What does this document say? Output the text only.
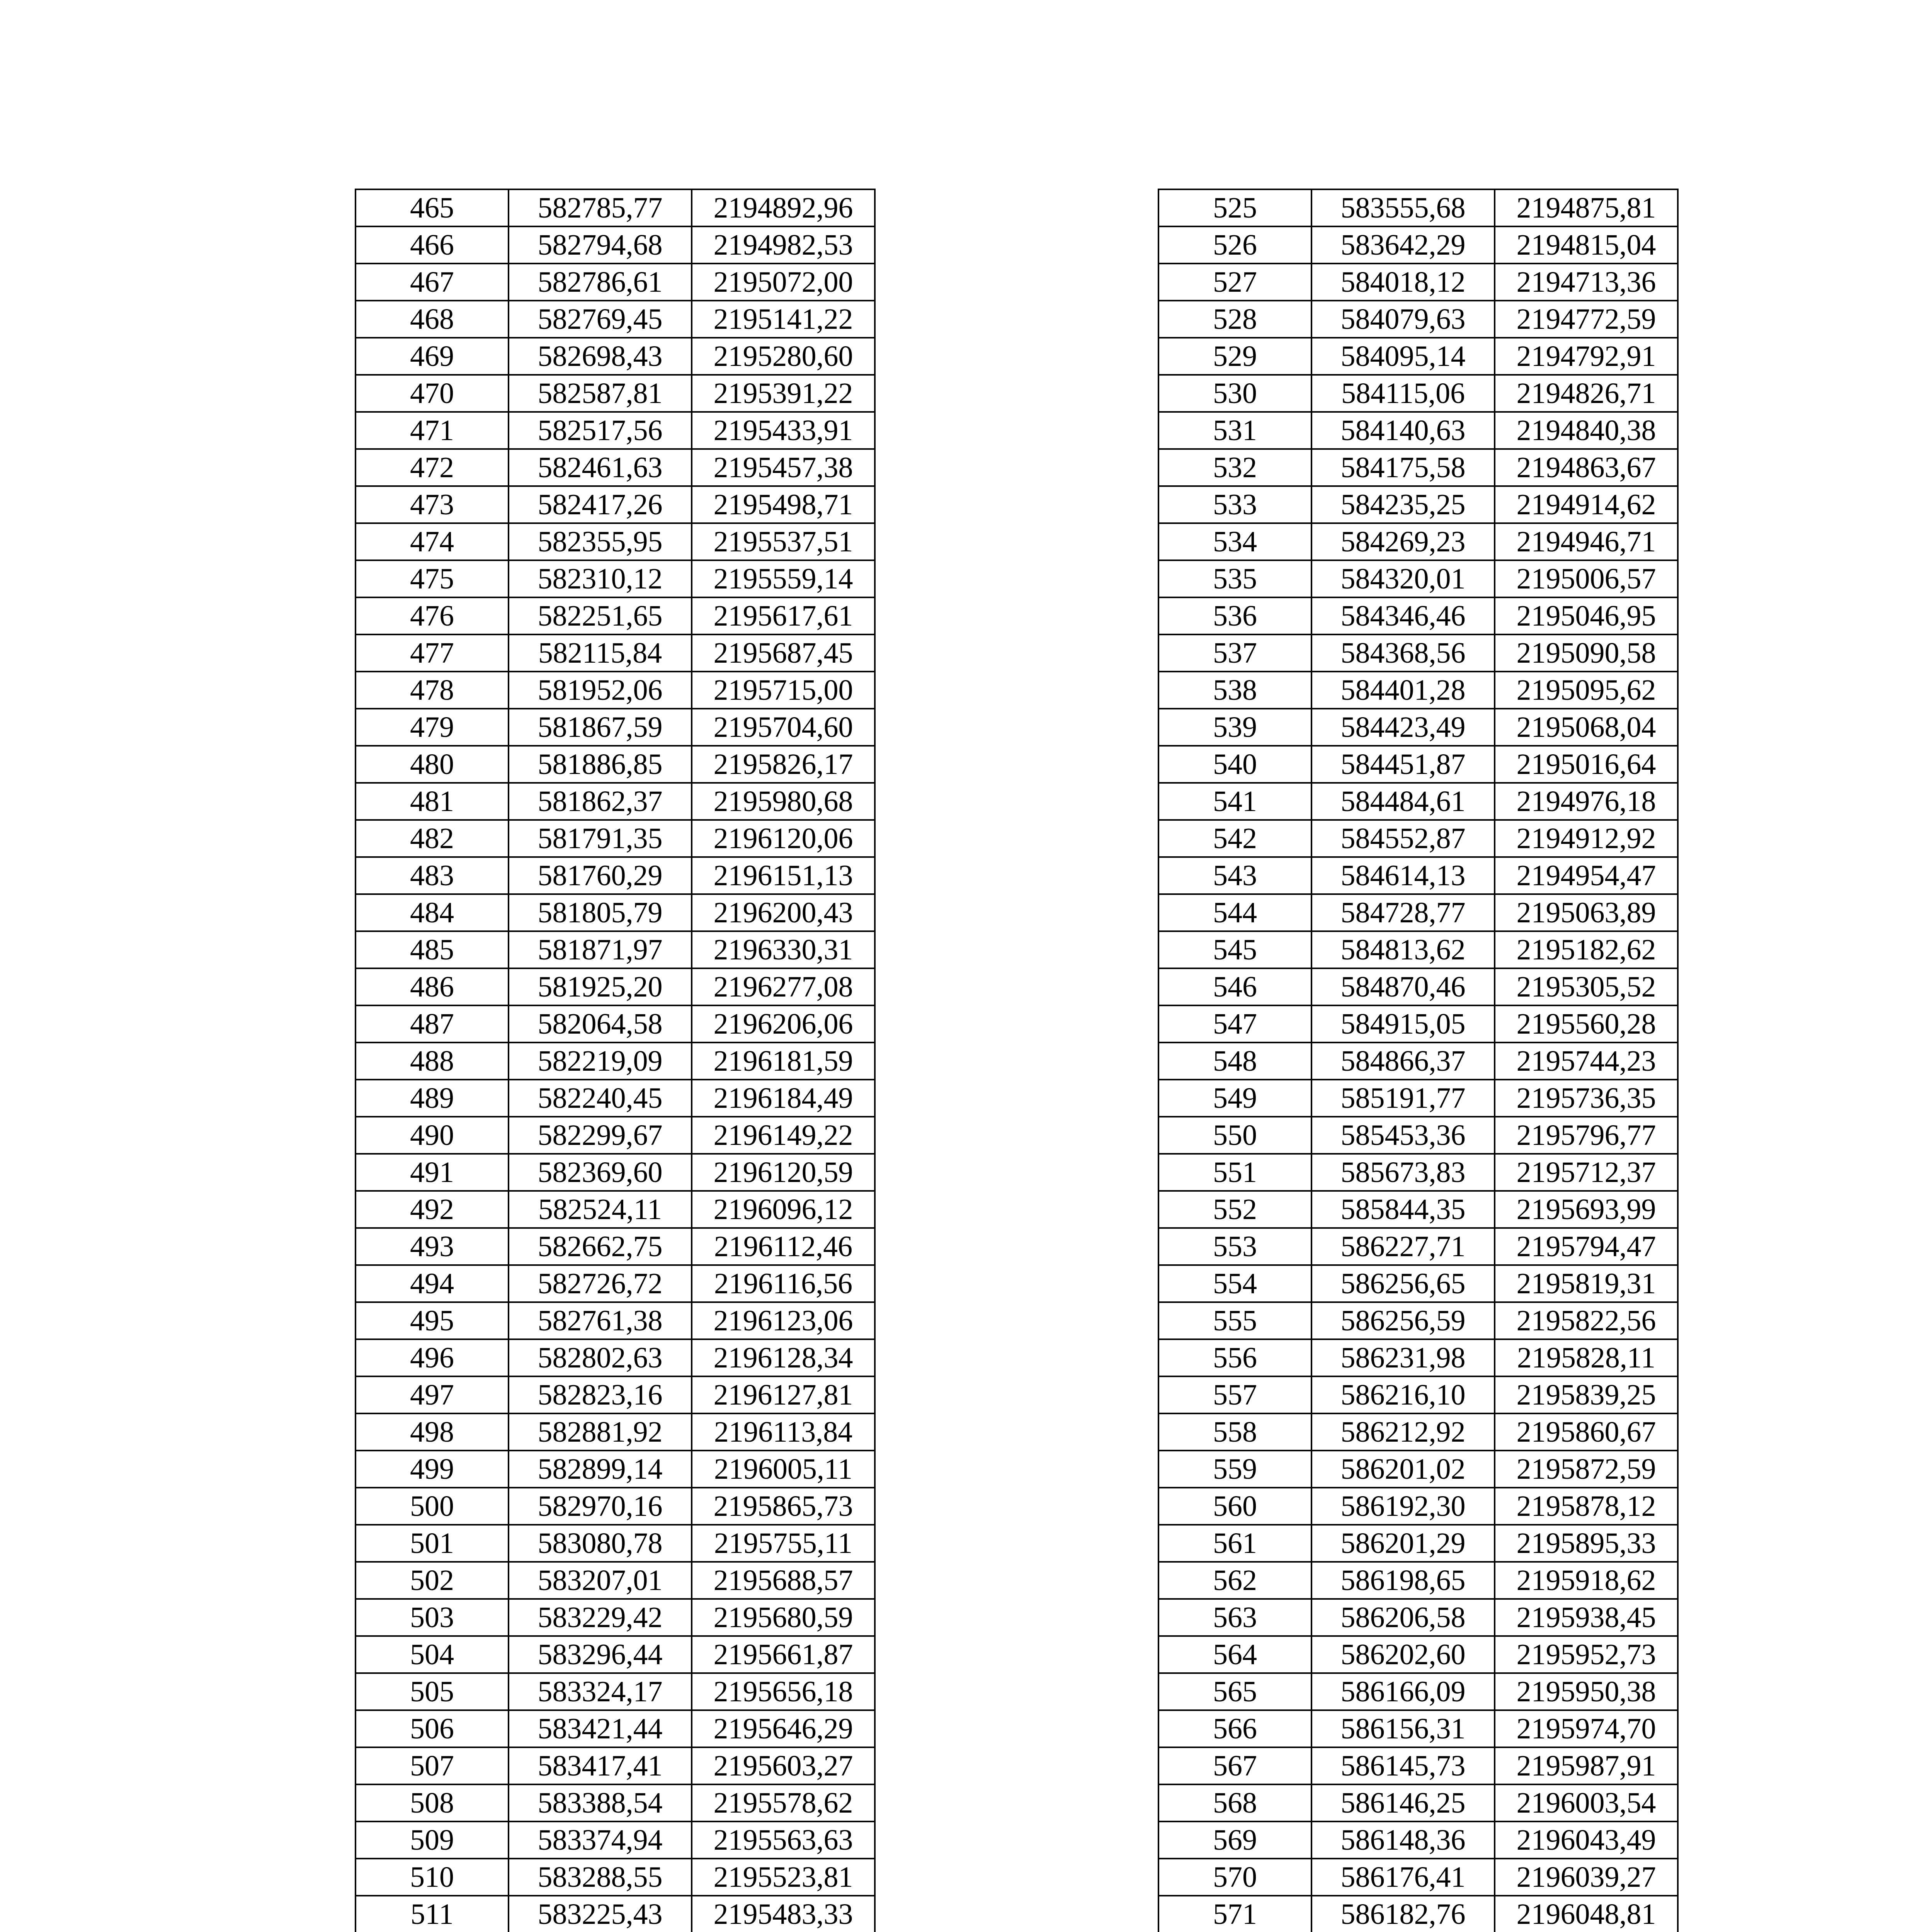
465	582785,77	2194892,96
466	582794,68	2194982,53
467	582786,61	2195072,00
468	582769,45	2195141,22
469	582698,43	2195280,60
470	582587,81	2195391,22
471	582517,56	2195433,91
472	582461,63	2195457,38
473	582417,26	2195498,71
474	582355,95	2195537,51
475	582310,12	2195559,14
476	582251,65	2195617,61
477	582115,84	2195687,45
478	581952,06	2195715,00
479	581867,59	2195704,60
480	581886,85	2195826,17
481	581862,37	2195980,68
482	581791,35	2196120,06
483	581760,29	2196151,13
484	581805,79	2196200,43
485	581871,97	2196330,31
486	581925,20	2196277,08
487	582064,58	2196206,06
488	582219,09	2196181,59
489	582240,45	2196184,49
490	582299,67	2196149,22
491	582369,60	2196120,59
492	582524,11	2196096,12
493	582662,75	2196112,46
494	582726,72	2196116,56
495	582761,38	2196123,06
496	582802,63	2196128,34
497	582823,16	2196127,81
498	582881,92	2196113,84
499	582899,14	2196005,11
500	582970,16	2195865,73
501	583080,78	2195755,11
502	583207,01	2195688,57
503	583229,42	2195680,59
504	583296,44	2195661,87
505	583324,17	2195656,18
506	583421,44	2195646,29
507	583417,41	2195603,27
508	583388,54	2195578,62
509	583374,94	2195563,63
510	583288,55	2195523,81
511	583225,43	2195483,33

525	583555,68	2194875,81
526	583642,29	2194815,04
527	584018,12	2194713,36
528	584079,63	2194772,59
529	584095,14	2194792,91
530	584115,06	2194826,71
531	584140,63	2194840,38
532	584175,58	2194863,67
533	584235,25	2194914,62
534	584269,23	2194946,71
535	584320,01	2195006,57
536	584346,46	2195046,95
537	584368,56	2195090,58
538	584401,28	2195095,62
539	584423,49	2195068,04
540	584451,87	2195016,64
541	584484,61	2194976,18
542	584552,87	2194912,92
543	584614,13	2194954,47
544	584728,77	2195063,89
545	584813,62	2195182,62
546	584870,46	2195305,52
547	584915,05	2195560,28
548	584866,37	2195744,23
549	585191,77	2195736,35
550	585453,36	2195796,77
551	585673,83	2195712,37
552	585844,35	2195693,99
553	586227,71	2195794,47
554	586256,65	2195819,31
555	586256,59	2195822,56
556	586231,98	2195828,11
557	586216,10	2195839,25
558	586212,92	2195860,67
559	586201,02	2195872,59
560	586192,30	2195878,12
561	586201,29	2195895,33
562	586198,65	2195918,62
563	586206,58	2195938,45
564	586202,60	2195952,73
565	586166,09	2195950,38
566	586156,31	2195974,70
567	586145,73	2195987,91
568	586146,25	2196003,54
569	586148,36	2196043,49
570	586176,41	2196039,27
571	586182,76	2196048,81
